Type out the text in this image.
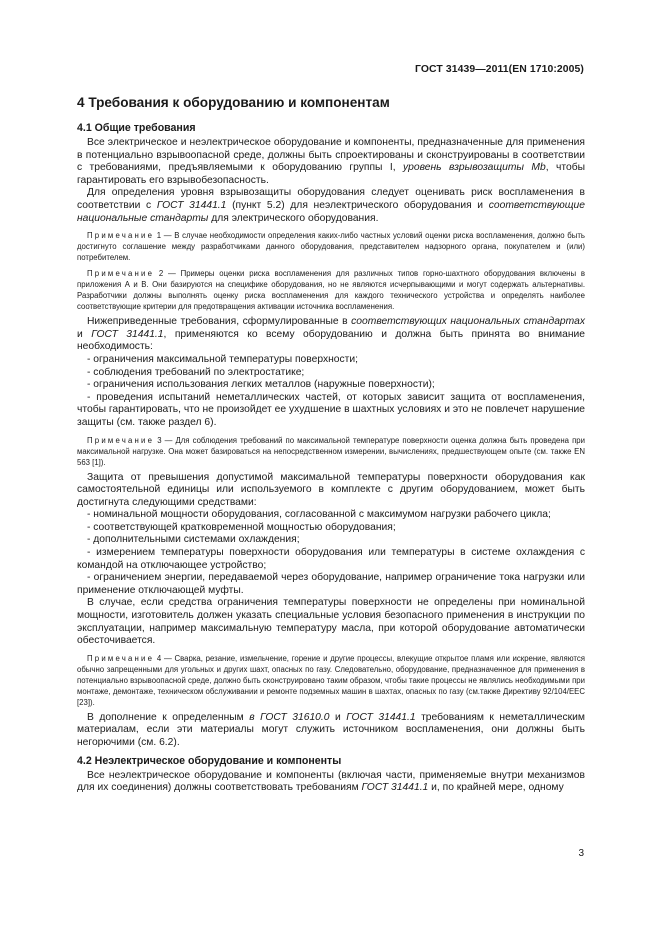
ГОСТ 31439—2011(EN 1710:2005)
4 Требования к оборудованию и компонентам
4.1 Общие требования

Все электрическое и неэлектрическое оборудование и компоненты, предназначенные для применения в потенциально взрывоопасной среде, должны быть спроектированы и сконструированы в соответствии с требованиями, предъявляемыми к оборудованию группы I, уровень взрывозащиты Mb, чтобы гарантировать его взрывобезопасность.

Для определения уровня взрывозащиты оборудования следует оценивать риск воспламенения в соответствии с ГОСТ 31441.1 (пункт 5.2) для неэлектрического оборудования и соответствующие национальные стандарты для электрического оборудования.

Примечание 1 — В случае необходимости определения каких-либо частных условий оценки риска воспламенения, должно быть достигнуто соглашение между разработчиками данного оборудования, представителем надзорного органа, покупателем и (или) потребителем.
Примечание 2 — Примеры оценки риска воспламенения для различных типов горно-шахтного оборудования включены в приложения А и В. Они базируются на специфике оборудования, но не являются исчерпывающими и могут содержать альтернативы. Разработчики должны выполнять оценку риска воспламенения для каждого технического устройства и определять наиболее соответствующие критерии для предотвращения активации источника воспламенения.

Нижеприведенные требования, сформулированные в соответствующих национальных стандартах и ГОСТ 31441.1, применяются ко всему оборудованию и должна быть принята во внимание необходимость:

- ограничения максимальной температуры поверхности;
- соблюдения требований по электростатике;
- ограничения использования легких металлов (наружные поверхности);
- проведения испытаний неметаллических частей, от которых зависит защита от воспламенения, чтобы гарантировать, что не произойдет ее ухудшение в шахтных условиях и это не повлечет нарушение защиты (см. также раздел 6).
Примечание 3 — Для соблюдения требований по максимальной температуре поверхности оценка должна быть проведена при максимальной нагрузке. Она может базироваться на непосредственном измерении, вычислениях, предшествующем опыте (см. также EN 563 [1]).

Защита от превышения допустимой максимальной температуры поверхности оборудования как самостоятельной единицы или используемого в комплекте с другим оборудованием, может быть достигнута следующими средствами:

- номинальной мощности оборудования, согласованной с максимумом нагрузки рабочего цикла;
- соответствующей кратковременной мощностью оборудования;
- дополнительными системами охлаждения;
- измерением температуры поверхности оборудования или температуры в системе охлаждения с командой на отключающее устройство;
- ограничением энергии, передаваемой через оборудование, например ограничение тока нагрузки или применение отключающей муфты.

В случае, если средства ограничения температуры поверхности не определены при номинальной мощности, изготовитель должен указать специальные условия безопасного применения в инструкции по эксплуатации, например максимальную температуру масла, при которой оборудование автоматически обесточивается.

Примечание 4 — Сварка, резание, измельчение, горение и другие процессы, влекущие открытое пламя или искрение, являются обычно запрещенными для угольных и других шахт, опасных по газу. Следовательно, оборудование, предназначенное для применения в потенциально взрывоопасной среде, должно быть сконструировано таким образом, чтобы такие процессы не являлись необходимыми при монтаже, демонтаже, техническом обслуживании и ремонте подземных машин в шахтах, опасных по газу (см.также Директиву 92/104/ЕЕС [23]).

В дополнение к определенным в ГОСТ 31610.0 и ГОСТ 31441.1 требованиям к неметаллическим материалам, если эти материалы могут служить источником воспламенения, они должны быть негорючими (см. 6.2).

4.2 Неэлектрическое оборудование и компоненты

Все неэлектрическое оборудование и компоненты (включая части, применяемые внутри механизмов для их соединения) должны соответствовать требованиям ГОСТ 31441.1 и, по крайней мере, одному

3
